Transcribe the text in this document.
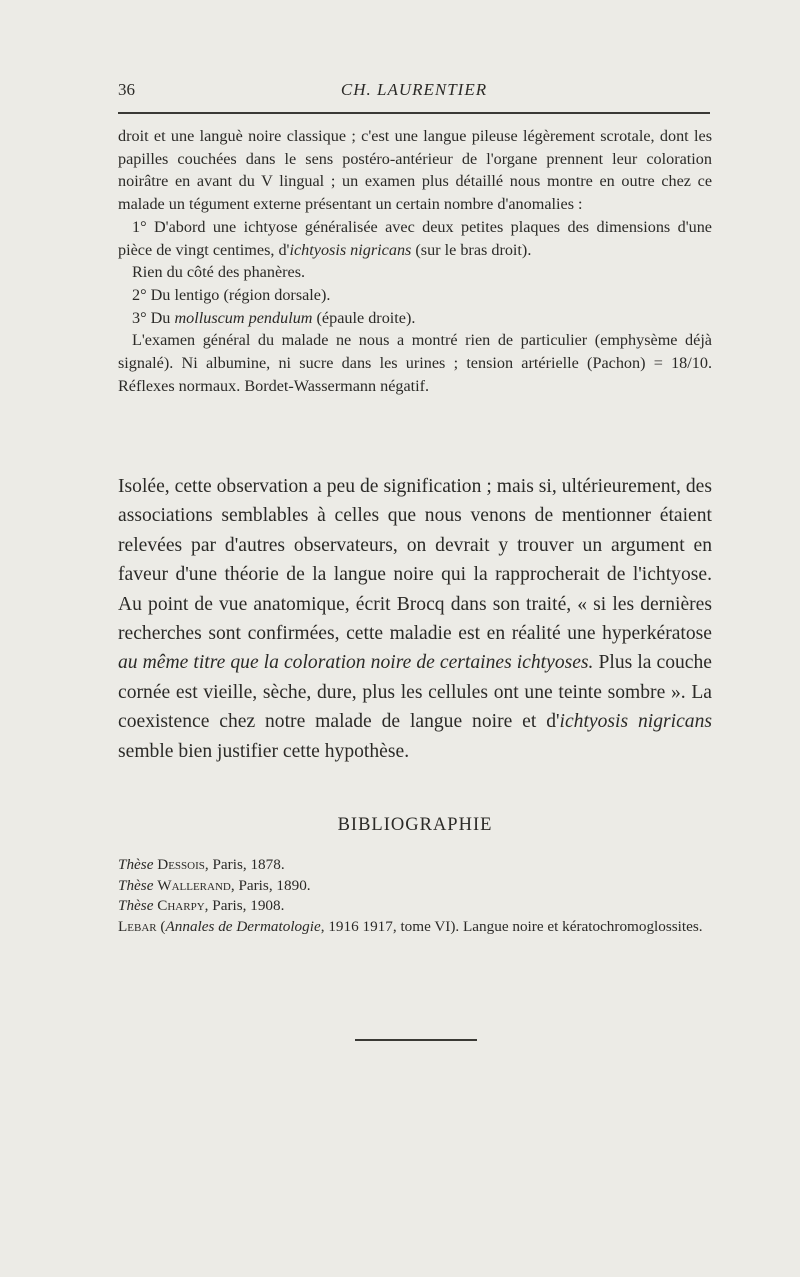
36	CH. LAURENTIER

droit et une languè noire classique ; c'est une langue pileuse légèrement scrotale, dont les papilles couchées dans le sens postéro-antérieur de l'organe prennent leur coloration noirâtre en avant du V lingual ; un examen plus détaillé nous montre en outre chez ce malade un tégument externe présentant un certain nombre d'anomalies :

1° D'abord une ichtyose généralisée avec deux petites plaques des dimensions d'une pièce de vingt centimes, d'ichtyosis nigricans (sur le bras droit).

Rien du côté des phanères.

2° Du lentigo (région dorsale).

3° Du molluscum pendulum (épaule droite).

L'examen général du malade ne nous a montré rien de particulier (emphysème déjà signalé). Ni albumine, ni sucre dans les urines ; tension artérielle (Pachon) = 18/10. Réflexes normaux. Bordet-Wassermann négatif.

Isolée, cette observation a peu de signification ; mais si, ultérieurement, des associations semblables à celles que nous venons de mentionner étaient relevées par d'autres observateurs, on devrait y trouver un argument en faveur d'une théorie de la langue noire qui la rapprocherait de l'ichtyose. Au point de vue anatomique, écrit Brocq dans son traité, « si les dernières recherches sont confirmées, cette maladie est en réalité une hyperkératose au même titre que la coloration noire de certaines ichtyoses. Plus la couche cornée est vieille, sèche, dure, plus les cellules ont une teinte sombre ». La coexistence chez notre malade de langue noire et d'ichtyosis nigricans semble bien justifier cette hypothèse.

BIBLIOGRAPHIE

Thèse Dessois, Paris, 1878.

Thèse Wallerand, Paris, 1890.

Thèse Charpy, Paris, 1908.

Lebar (Annales de Dermatologie, 1916 1917, tome VI). Langue noire et kératochromoglossites.
